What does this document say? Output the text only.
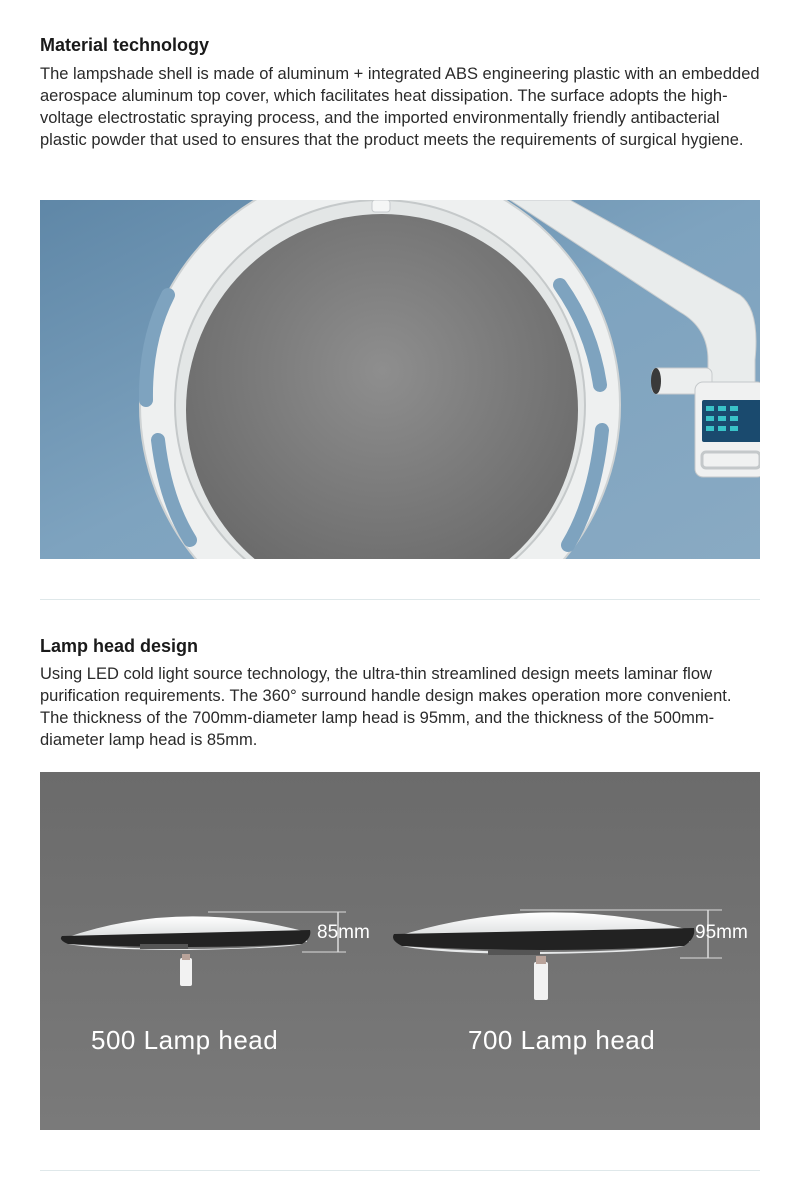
Material technology

The lampshade shell is made of aluminum + integrated ABS engineering plastic with an embedded aerospace aluminum top cover, which facilitates heat dissipation. The surface adopts the high-voltage electrostatic spraying process, and the imported environmentally friendly antibacterial plastic powder that used to ensures that the product meets the requirements of surgical hygiene.

Lamp head design

Using LED cold light source technology, the ultra-thin streamlined design meets laminar flow purification requirements. The 360° surround handle design makes operation more convenient. The thickness of the 700mm-diameter lamp head is 95mm, and the thickness of the 500mm-diameter lamp head is 85mm.

85mm	95mm
500 Lamp head	700 Lamp head
